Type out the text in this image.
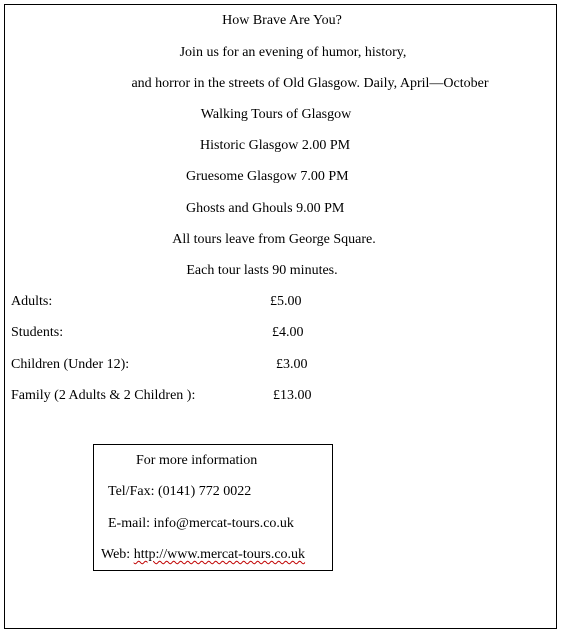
How Brave Are You?
Join us for an evening of humor, history,
and horror in the streets of Old Glasgow. Daily, April—October
Walking Tours of Glasgow
Historic Glasgow 2.00 PM
Gruesome Glasgow 7.00 PM
Ghosts and Ghouls 9.00 PM
All tours leave from George Square.
Each tour lasts 90 minutes.
Adults:	£5.00
Students:	£4.00
Children (Under 12):	£3.00
Family (2 Adults & 2 Children ):	£13.00
For more information
Tel/Fax: (0141) 772 0022
E-mail: info@mercat-tours.co.uk
Web: http://www.mercat-tours.co.uk
